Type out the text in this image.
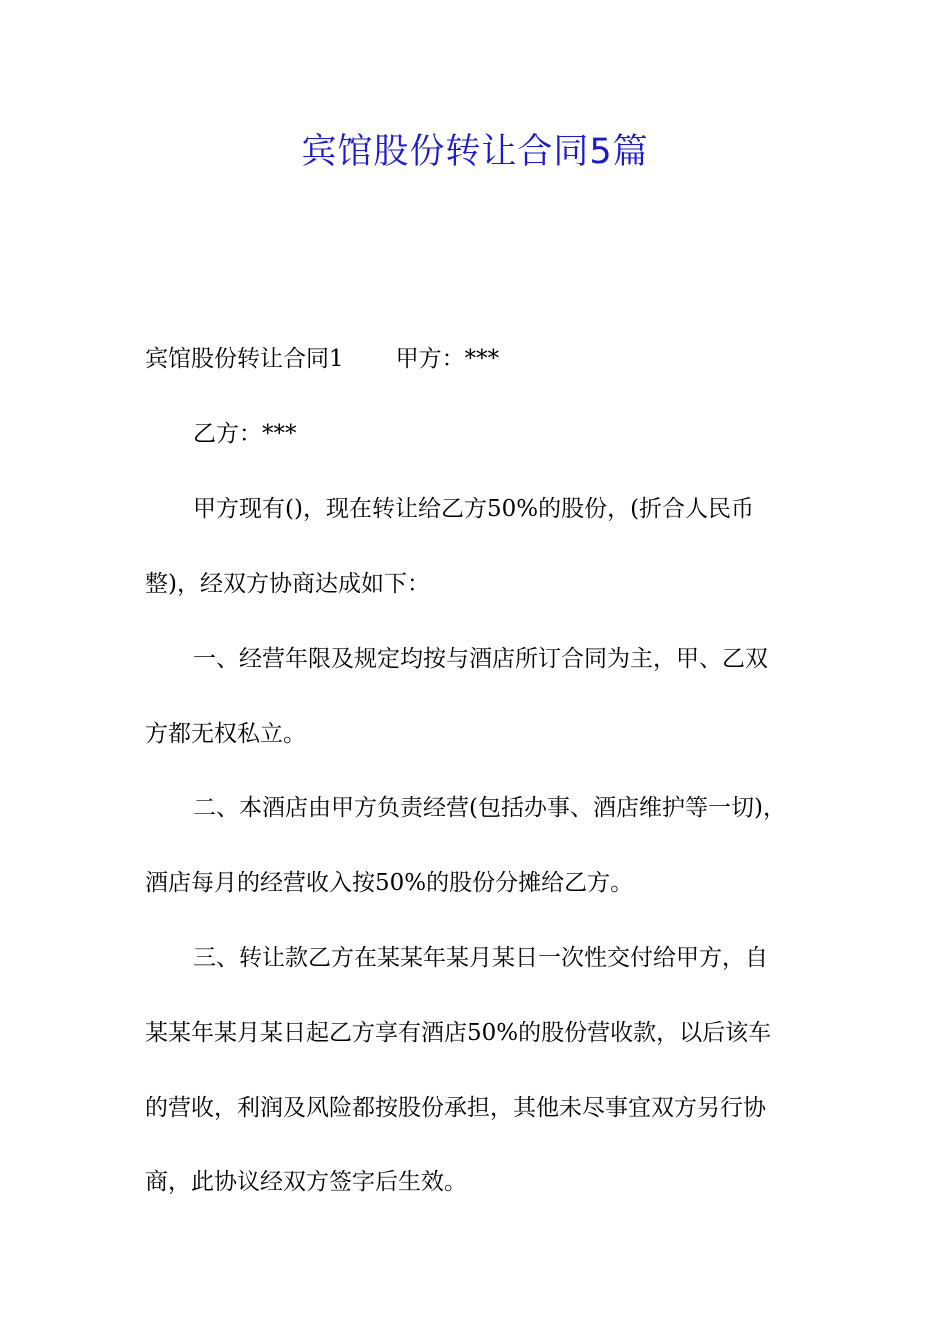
宾馆股份转让合同5篇
宾馆股份转让合同1 甲方：***
乙方：***
甲方现有()，现在转让给乙方50%的股份，(折合人民币
整)，经双方协商达成如下：
一、经营年限及规定均按与酒店所订合同为主，甲、乙双
方都无权私立。
二、本酒店由甲方负责经营(包括办事、酒店维护等一切)，
酒店每月的经营收入按50%的股份分摊给乙方。
三、转让款乙方在某某年某月某日一次性交付给甲方，自
某某年某月某日起乙方享有酒店50%的股份营收款，以后该车
的营收，利润及风险都按股份承担，其他未尽事宜双方另行协
商，此协议经双方签字后生效。
